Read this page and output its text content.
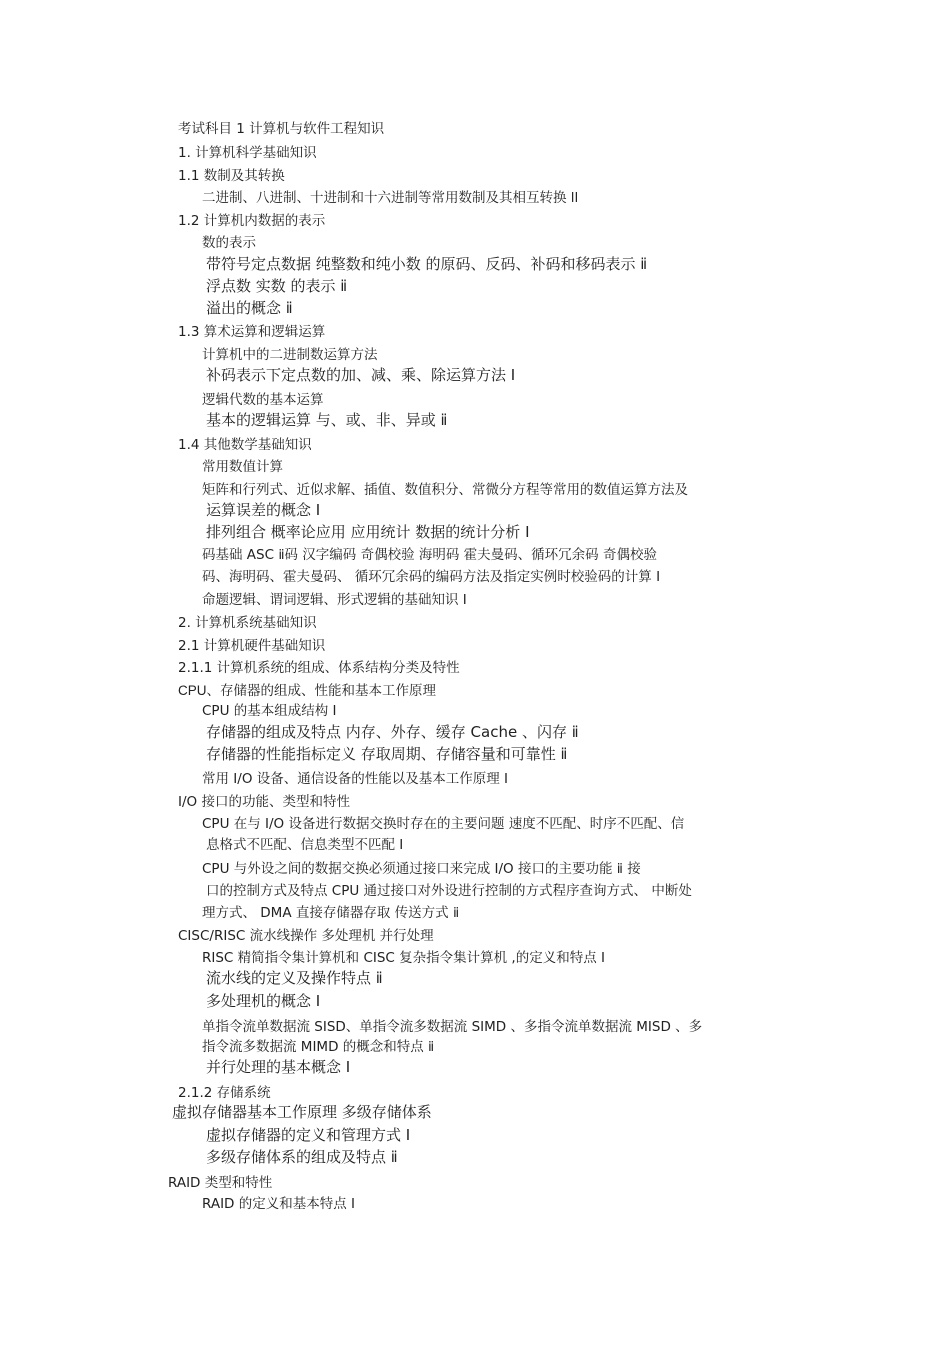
考试科目 1 计算机与软件工程知识
1. 计算机科学基础知识
1.1 数制及其转换
二进制、八进制、十进制和十六进制等常用数制及其相互转换 ll
1.2 计算机内数据的表示
数的表示
带符号定点数据 纯整数和纯小数 的原码、反码、补码和移码表示 ⅱ
浮点数 实数 的表示 ⅱ
溢出的概念 ⅱ
1.3 算术运算和逻辑运算
计算机中的二进制数运算方法
补码表示下定点数的加、减、乘、除运算方法 I
逻辑代数的基本运算
基本的逻辑运算 与、或、非、异或 ⅱ
1.4 其他数学基础知识
常用数值计算
矩阵和行列式、近似求解、插值、数值积分、常微分方程等常用的数值运算方法及
运算误差的概念 I
排列组合 概率论应用 应用统计 数据的统计分析 I
码基础 ASC ⅱ码 汉字编码 奇偶校验 海明码 霍夫曼码、循环冗余码 奇偶校验
码、海明码、霍夫曼码、 循环冗余码的编码方法及指定实例时校验码的计算 I
命题逻辑、谓词逻辑、形式逻辑的基础知识 I
2. 计算机系统基础知识
2.1 计算机硬件基础知识
2.1.1 计算机系统的组成、体系结构分类及特性
CPU、存储器的组成、性能和基本工作原理
CPU 的基本组成结构 I
存储器的组成及特点 内存、外存、缓存 Cache 、闪存 ⅱ
存储器的性能指标定义 存取周期、存储容量和可靠性 ⅱ
常用 I/O 设备、通信设备的性能以及基本工作原理 I
I/O 接口的功能、类型和特性
CPU 在与 I/O 设备进行数据交换时存在的主要问题 速度不匹配、时序不匹配、信
息格式不匹配、信息类型不匹配 I
CPU 与外设之间的数据交换必须通过接口来完成 I/O 接口的主要功能 ⅱ 接
口的控制方式及特点 CPU 通过接口对外设进行控制的方式程序查询方式、 中断处
理方式、 DMA 直接存储器存取 传送方式 ⅱ
CISC/RISC 流水线操作 多处理机 并行处理
RISC 精简指令集计算机和 CISC 复杂指令集计算机 ,的定义和特点 I
流水线的定义及操作特点 ⅱ
多处理机的概念 I
单指令流单数据流 SISD、单指令流多数据流 SIMD 、多指令流单数据流 MISD 、多
指令流多数据流 MIMD 的概念和特点 ⅱ
并行处理的基本概念 I
2.1.2 存储系统
虚拟存储器基本工作原理 多级存储体系
虚拟存储器的定义和管理方式 I
多级存储体系的组成及特点 ⅱ
RAID 类型和特性
RAID 的定义和基本特点 I
